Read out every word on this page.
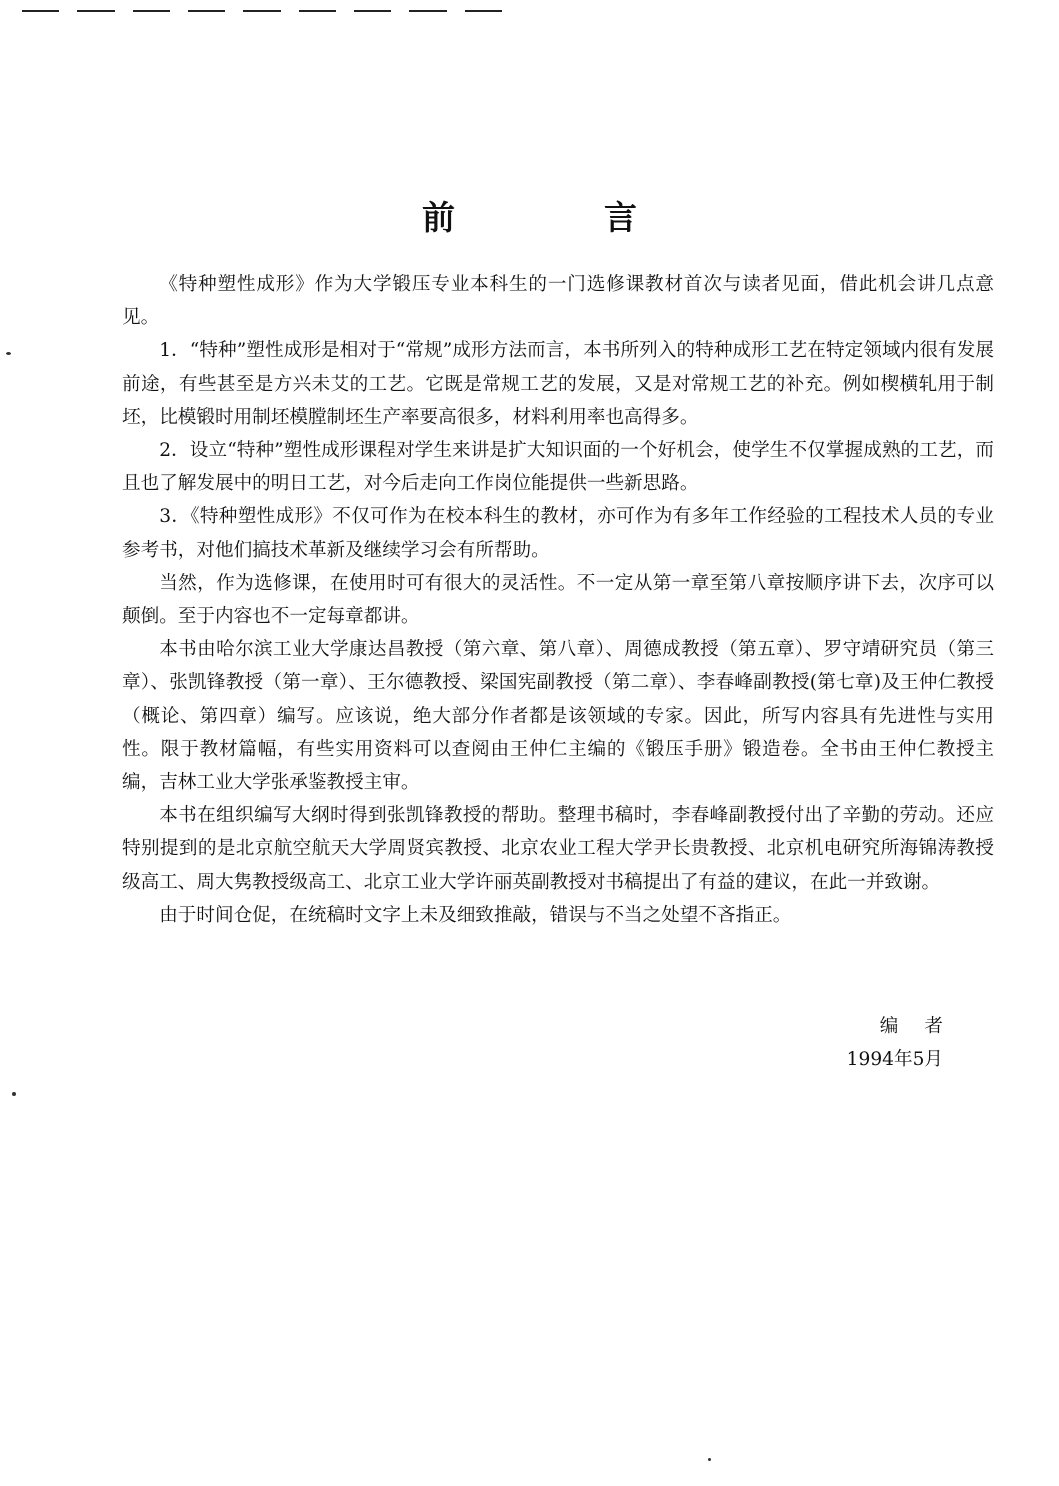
前　言

《特种塑性成形》作为大学锻压专业本科生的一门选修课教材首次与读者见面，借此机会讲几点意见。

1．“特种”塑性成形是相对于“常规”成形方法而言，本书所列入的特种成形工艺在特定领域内很有发展前途，有些甚至是方兴未艾的工艺。它既是常规工艺的发展，又是对常规工艺的补充。例如楔横轧用于制坯，比模锻时用制坯模膛制坯生产率要高很多，材料利用率也高得多。

2．设立“特种”塑性成形课程对学生来讲是扩大知识面的一个好机会，使学生不仅掌握成熟的工艺，而且也了解发展中的明日工艺，对今后走向工作岗位能提供一些新思路。

3．《特种塑性成形》不仅可作为在校本科生的教材，亦可作为有多年工作经验的工程技术人员的专业参考书，对他们搞技术革新及继续学习会有所帮助。

当然，作为选修课，在使用时可有很大的灵活性。不一定从第一章至第八章按顺序讲下去，次序可以颠倒。至于内容也不一定每章都讲。

本书由哈尔滨工业大学康达昌教授（第六章、第八章）、周德成教授（第五章）、罗守靖研究员（第三章）、张凯锋教授（第一章）、王尔德教授、梁国宪副教授（第二章）、李春峰副教授(第七章)及王仲仁教授（概论、第四章）编写。应该说，绝大部分作者都是该领域的专家。因此，所写内容具有先进性与实用性。限于教材篇幅，有些实用资料可以查阅由王仲仁主编的《锻压手册》锻造卷。全书由王仲仁教授主编，吉林工业大学张承鉴教授主审。

本书在组织编写大纲时得到张凯锋教授的帮助。整理书稿时，李春峰副教授付出了辛勤的劳动。还应特别提到的是北京航空航天大学周贤宾教授、北京农业工程大学尹长贵教授、北京机电研究所海锦涛教授级高工、周大隽教授级高工、北京工业大学许丽英副教授对书稿提出了有益的建议，在此一并致谢。

由于时间仓促，在统稿时文字上未及细致推敲，错误与不当之处望不吝指正。

编者
1994年5月
